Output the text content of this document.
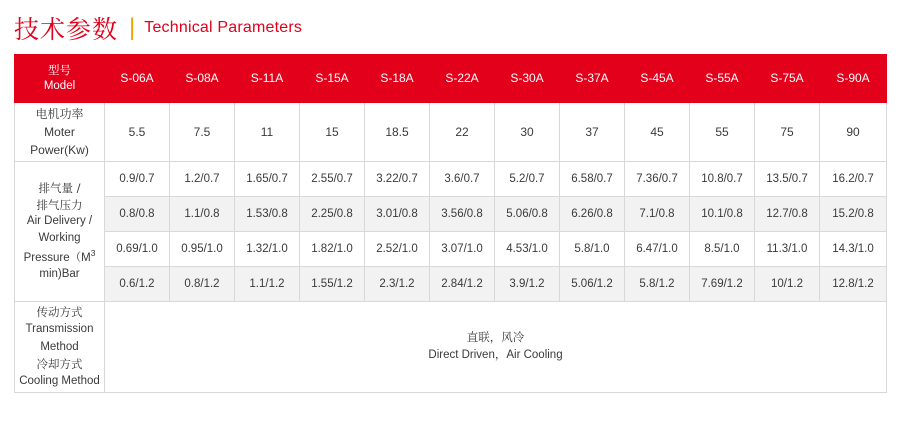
技术参数 | Technical Parameters
型号
Model	S-06A	S-08A	S-11A	S-15A	S-18A	S-22A	S-30A	S-37A	S-45A	S-55A	S-75A	S-90A

电机功率
Moter
Power(Kw)	5.5	7.5	11	15	18.5	22	30	37	45	55	75	90

排气量 /
排气压力
Air Delivery /
Working
$Pressure(M^3$
min)Bar
	0.9/0.7	1.2/0.7	1.65/0.7	2.55/0.7	3.22/0.7	3.6/0.7	5.2/0.7	6.58/0.7	7.36/0.7	10.8/0.7	13.5/0.7	16.2/0.7
	0.8/0.8	1.1/0.8	1.53/0.8	2.25/0.8	3.01/0.8	3.56/0.8	5.06/0.8	6.26/0.8	7.1/0.8	10.1/0.8	12.7/0.8	15.2/0.8
	0.69/1.0	0.95/1.0	1.32/1.0	1.82/1.0	2.52/1.0	3.07/1.0	4.53/1.0	5.8/1.0	6.47/1.0	8.5/1.0	11.3/1.0	14.3/1.0
	0.6/1.2	0.8/1.2	1.1/1.2	1.55/1.2	2.3/1.2	2.84/1.2	3.9/1.2	5.06/1.2	5.8/1.2	7.69/1.2	10/1.2	12.8/1.2

传动方式
Transmission Method
冷却方式
Cooling Method

直联，风冷
Direct Driven，Air Cooling
